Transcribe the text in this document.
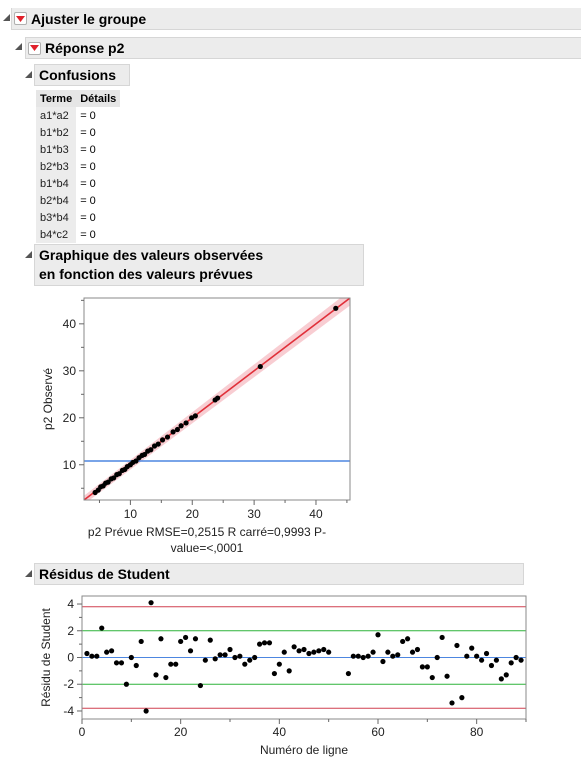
Ajuster le groupe
Réponse p2
Confusions
Terme	Détails
a1*a2	= 0
b1*b2	= 0
b1*b3	= 0
b2*b3	= 0
b1*b4	= 0
b2*b4	= 0
b3*b4	= 0
b4*c2	= 0
Graphique des valeurs observées
en fonction des valeurs prévues
10	20	30	40
10
20
30
40
p2 Observé
p2 Prévue RMSE=0,2515 R carré=0,9993 P-
value=<,0001
Résidus de Student
0	20	40	60	80
-4
-2
0
2
4
Résidu de Student
Numéro de ligne
